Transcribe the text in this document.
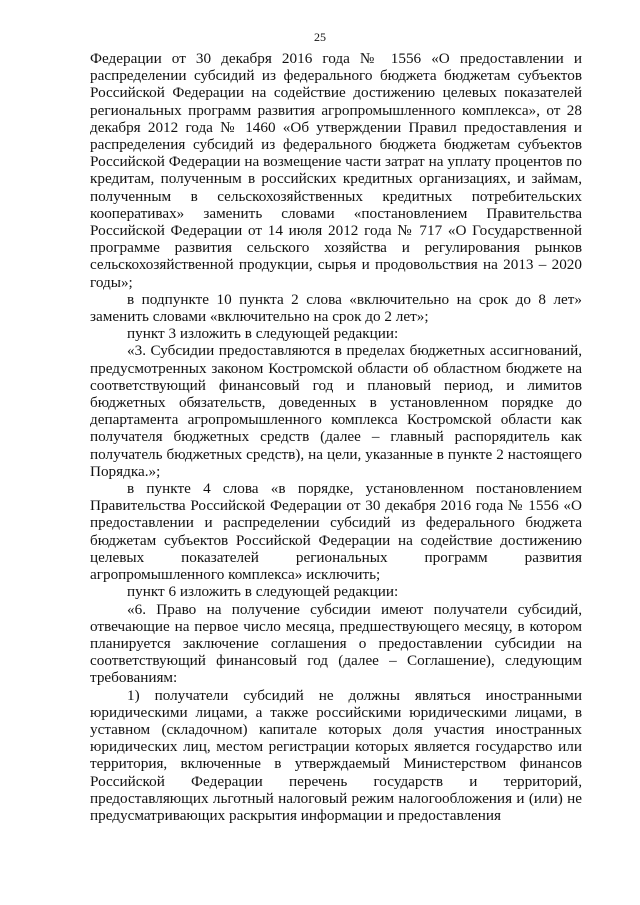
25

Федерации от 30 декабря 2016 года № 1556 «О предоставлении и распределении субсидий из федерального бюджета бюджетам субъектов Российской Федерации на содействие достижению целевых показателей региональных программ развития агропромышленного комплекса», от 28 декабря 2012 года № 1460 «Об утверждении Правил предоставления и распределения субсидий из федерального бюджета бюджетам субъектов Российской Федерации на возмещение части затрат на уплату процентов по кредитам, полученным в российских кредитных организациях, и займам, полученным в сельскохозяйственных кредитных потребительских кооперативах» заменить словами «постановлением Правительства Российской Федерации от 14 июля 2012 года № 717 «О Государственной программе развития сельского хозяйства и регулирования рынков сельскохозяйственной продукции, сырья и продовольствия на 2013 – 2020 годы»;

в подпункте 10 пункта 2 слова «включительно на срок до 8 лет» заменить словами «включительно на срок до 2 лет»;

пункт 3 изложить в следующей редакции:

«3. Субсидии предоставляются в пределах бюджетных ассигнований, предусмотренных законом Костромской области об областном бюджете на соответствующий финансовый год и плановый период, и лимитов бюджетных обязательств, доведенных в установленном порядке до департамента агропромышленного комплекса Костромской области как получателя бюджетных средств (далее – главный распорядитель как получатель бюджетных средств), на цели, указанные в пункте 2 настоящего Порядка.»;

в пункте 4 слова «в порядке, установленном постановлением Правительства Российской Федерации от 30 декабря 2016 года № 1556 «О предоставлении и распределении субсидий из федерального бюджета бюджетам субъектов Российской Федерации на содействие достижению целевых показателей региональных программ развития агропромышленного комплекса» исключить;

пункт 6 изложить в следующей редакции:

«6. Право на получение субсидии имеют получатели субсидий, отвечающие на первое число месяца, предшествующего месяцу, в котором планируется заключение соглашения о предоставлении субсидии на соответствующий финансовый год (далее – Соглашение), следующим требованиям:

1) получатели субсидий не должны являться иностранными юридическими лицами, а также российскими юридическими лицами, в уставном (складочном) капитале которых доля участия иностранных юридических лиц, местом регистрации которых является государство или территория, включенные в утверждаемый Министерством финансов Российской Федерации перечень государств и территорий, предоставляющих льготный налоговый режим налогообложения и (или) не предусматривающих раскрытия информации и предоставления
